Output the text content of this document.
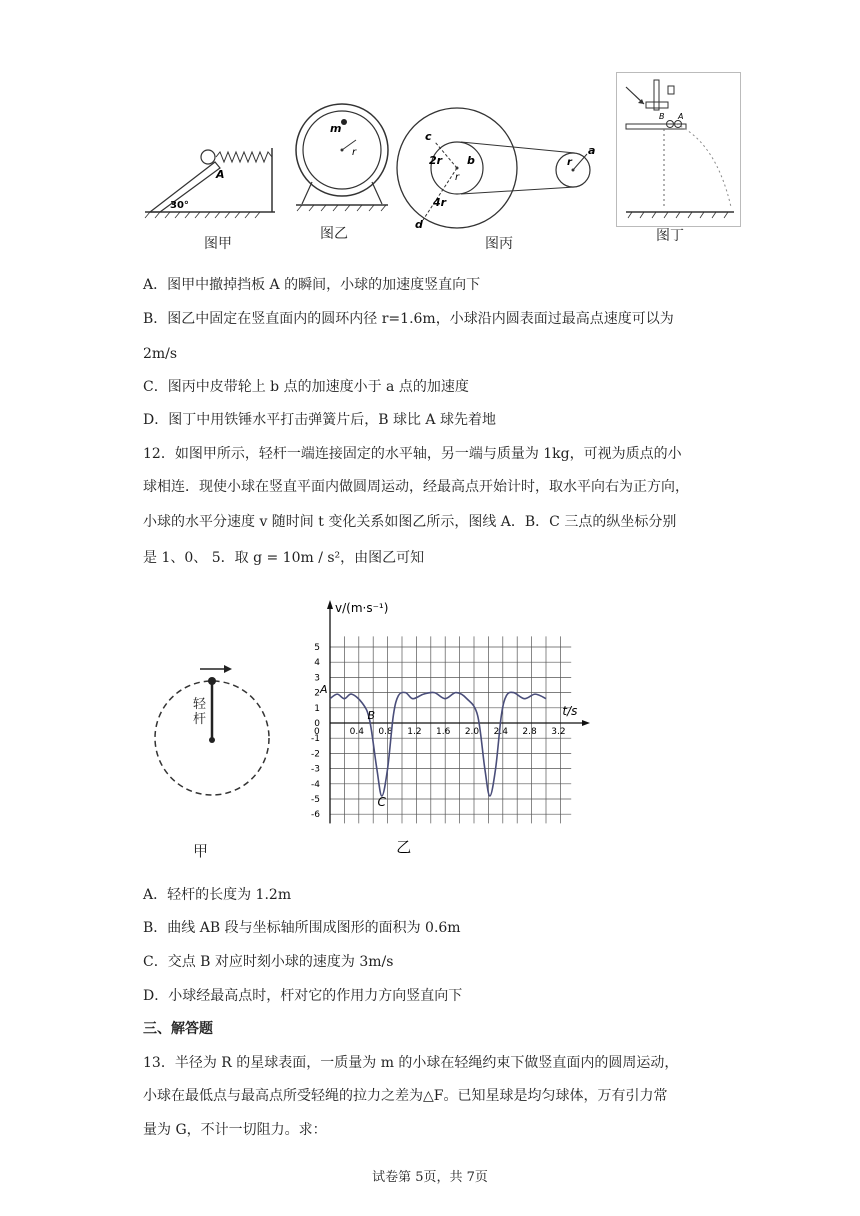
A
30°
图甲
m
r
图乙
c
2r b
r
4r
d
r
a
图丙
B A
图丁
A．图甲中撤掉挡板 A 的瞬间，小球的加速度竖直向下
B．图乙中固定在竖直面内的圆环内径 r=1.6m，小球沿内圆表面过最高点速度可以为
2m/s
C．图丙中皮带轮上 b 点的加速度小于 a 点的加速度
D．图丁中用铁锤水平打击弹簧片后，B 球比 A 球先着地
12．如图甲所示，轻杆一端连接固定的水平轴，另一端与质量为 1kg，可视为质点的小
球相连．现使小球在竖直平面内做圆周运动，经最高点开始计时，取水平向右为正方向，
小球的水平分速度 v 随时间 t 变化关系如图乙所示，图线 A．B．C 三点的纵坐标分别
是 1、0、 5．取 g = 10m / s²，由图乙可知
轻杆
甲
5
4
3
2
1
0
-1
-2
-3
-4
-5
-6
0.4 0.8 1.2 1.6 2.0 2.4 2.8 3.2
0
v/(m·s⁻¹)
t/s
A
B
C
乙
A．轻杆的长度为 1.2m
B．曲线 AB 段与坐标轴所围成图形的面积为 0.6m
C．交点 B 对应时刻小球的速度为 3m/s
D．小球经最高点时，杆对它的作用力方向竖直向下
三、解答题
13．半径为 R 的星球表面，一质量为 m 的小球在轻绳约束下做竖直面内的圆周运动，
小球在最低点与最高点所受轻绳的拉力之差为△F。已知星球是均匀球体，万有引力常
量为 G，不计一切阻力。求：
试卷第 5页，共 7页
